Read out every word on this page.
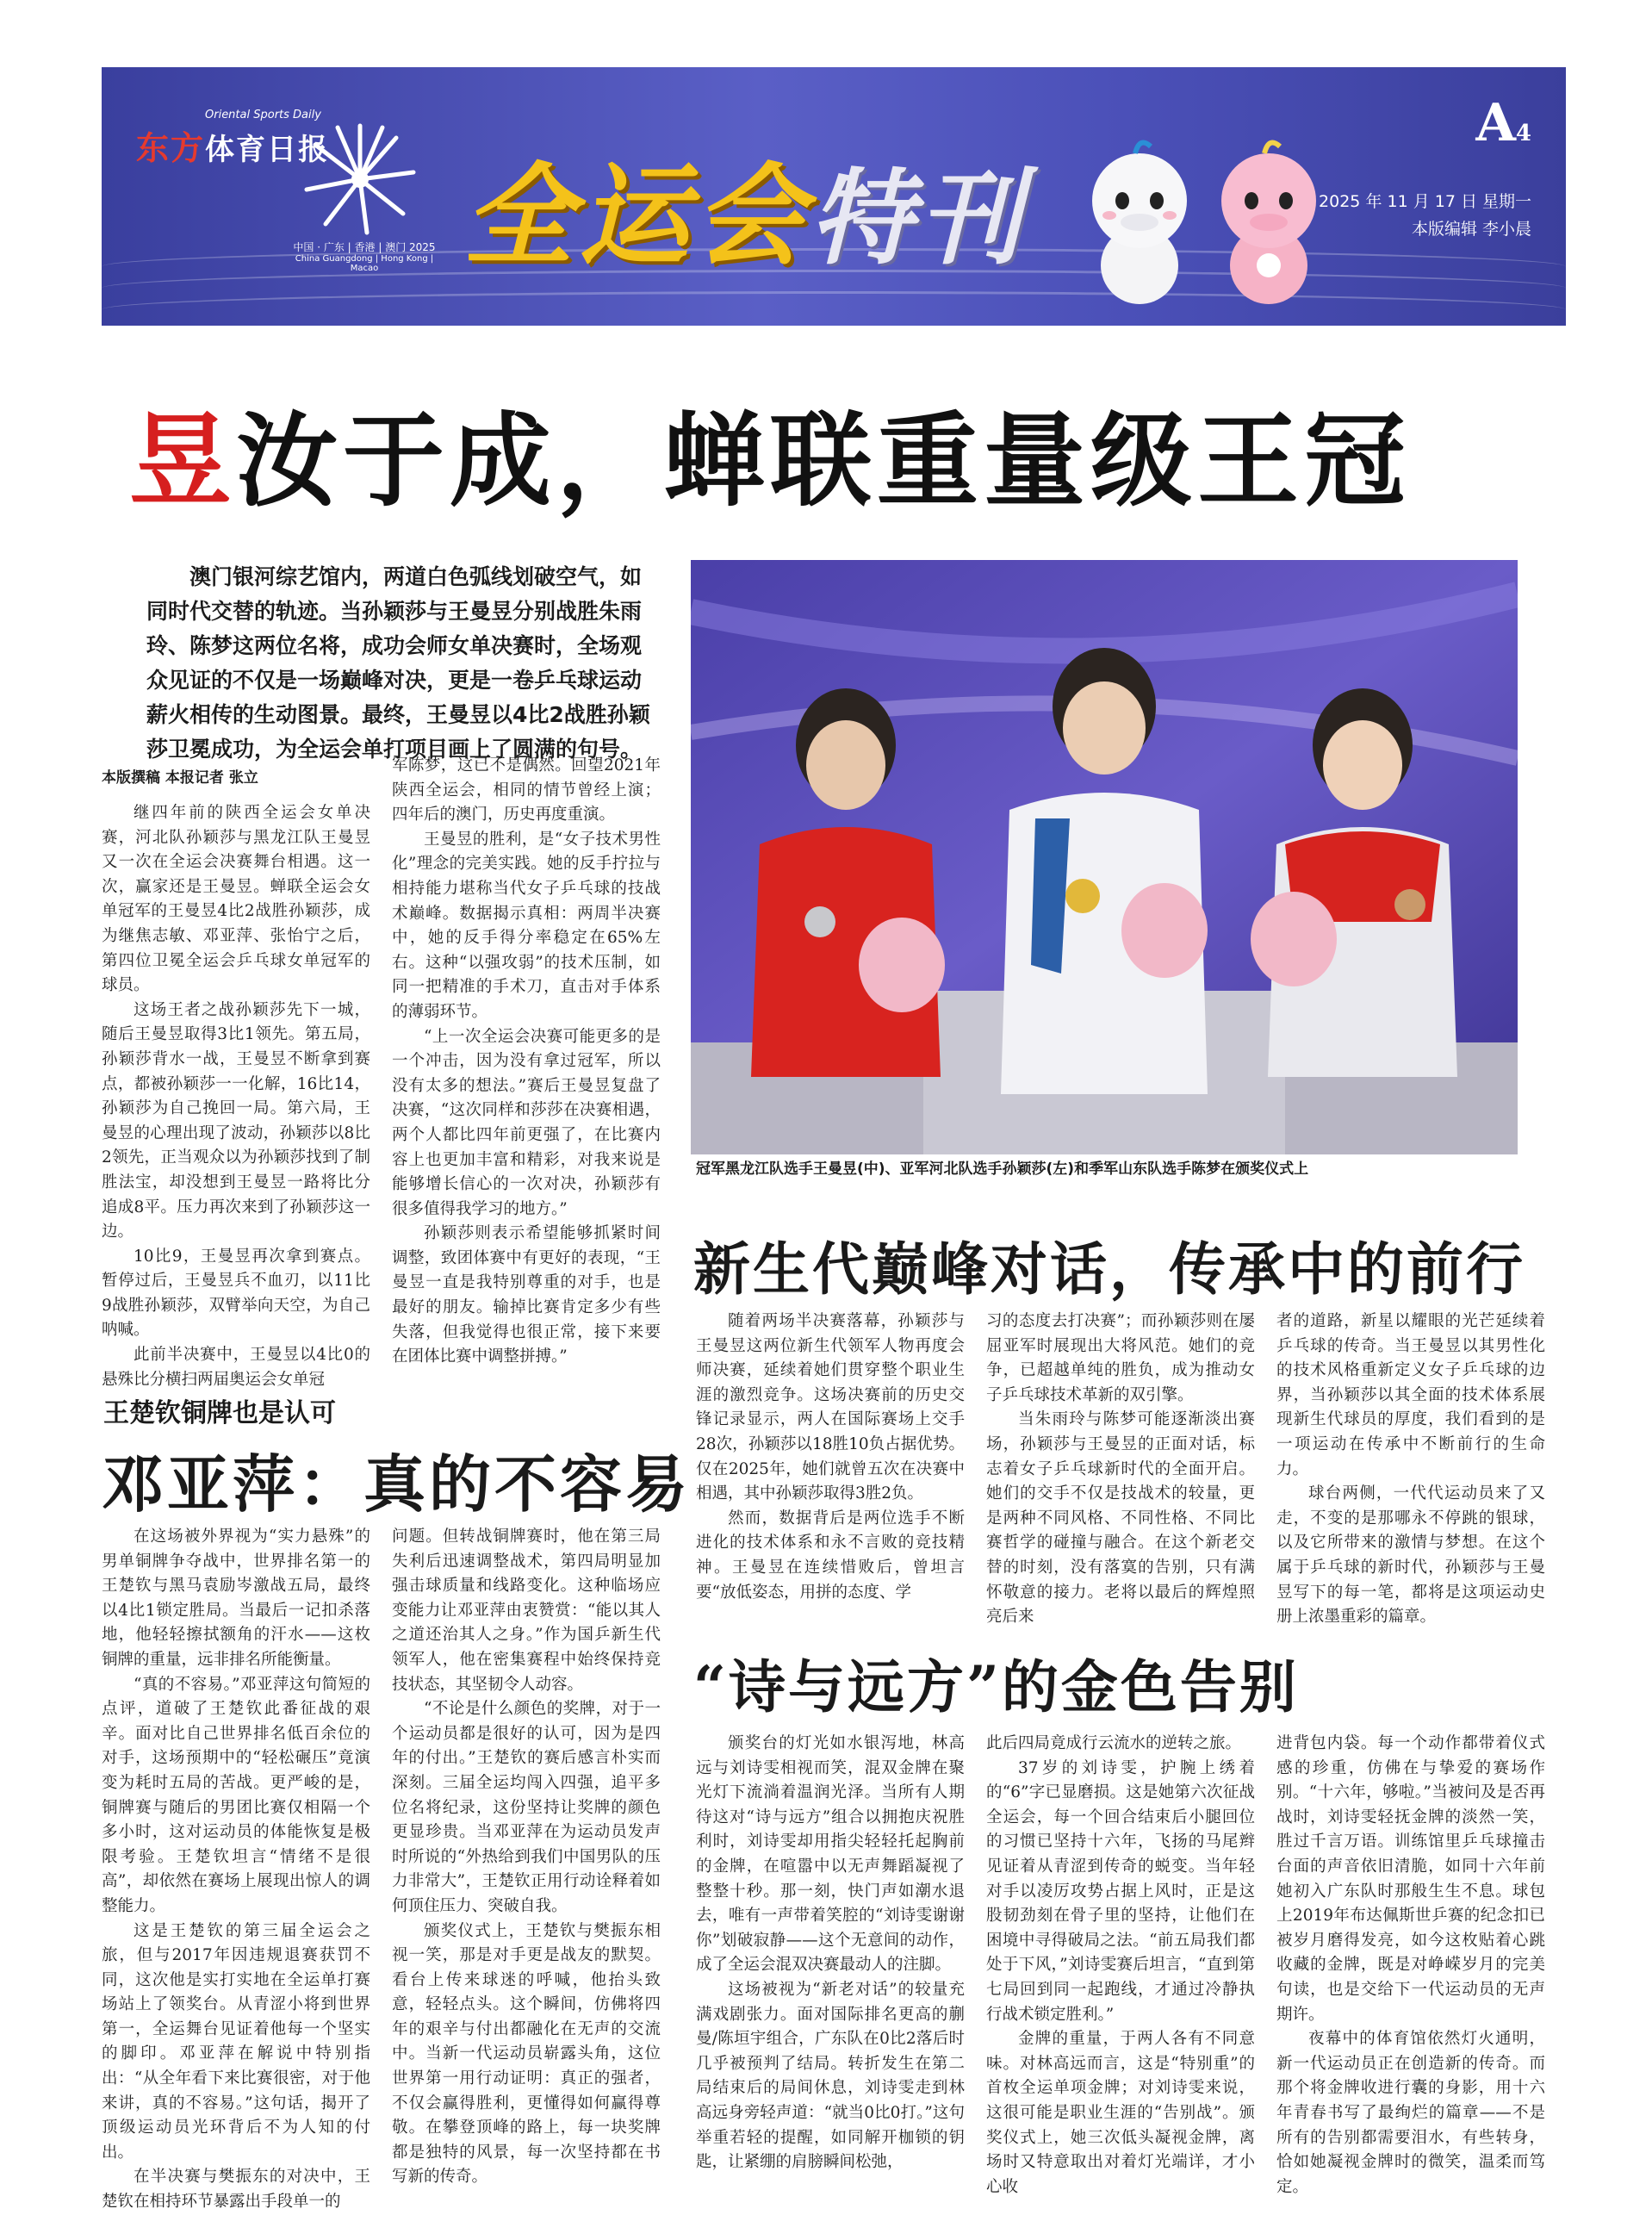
Oriental Sports Daily
东方体育日报
中国 · 广东 | 香港 | 澳门 2025
China Guangdong | Hong Kong | Macao 全运会特刊
A4
2025 年 11 月 17 日 星期一
本版编辑 李小晨
昱汝于成，蝉联重量级王冠
澳门银河综艺馆内，两道白色弧线划破空气，如同时代交替的轨迹。当孙颖莎与王曼昱分别战胜朱雨玲、陈梦这两位名将，成功会师女单决赛时，全场观众见证的不仅是一场巅峰对决，更是一卷乒乓球运动薪火相传的生动图景。最终，王曼昱以4比2战胜孙颖莎卫冕成功，为全运会单打项目画上了圆满的句号。
本版撰稿 本报记者 张立

继四年前的陕西全运会女单决赛，河北队孙颖莎与黑龙江队王曼昱又一次在全运会决赛舞台相遇。这一次，赢家还是王曼昱。蝉联全运会女单冠军的王曼昱4比2战胜孙颖莎，成为继焦志敏、邓亚萍、张怡宁之后，第四位卫冕全运会乒乓球女单冠军的球员。

这场王者之战孙颖莎先下一城，随后王曼昱取得3比1领先。第五局，孙颖莎背水一战，王曼昱不断拿到赛点，都被孙颖莎一一化解，16比14，孙颖莎为自己挽回一局。第六局，王曼昱的心理出现了波动，孙颖莎以8比2领先，正当观众以为孙颖莎找到了制胜法宝，却没想到王曼昱一路将比分追成8平。压力再次来到了孙颖莎这一边。

10比9，王曼昱再次拿到赛点。暂停过后，王曼昱兵不血刃，以11比9战胜孙颖莎，双臂举向天空，为自己呐喊。

此前半决赛中，王曼昱以4比0的悬殊比分横扫两届奥运会女单冠

军陈梦，这已不是偶然。回望2021年陕西全运会，相同的情节曾经上演；四年后的澳门，历史再度重演。

王曼昱的胜利，是“女子技术男性化”理念的完美实践。她的反手拧拉与相持能力堪称当代女子乒乓球的技战术巅峰。数据揭示真相：两周半决赛中，她的反手得分率稳定在65%左右。这种“以强攻弱”的技术压制，如同一把精准的手术刀，直击对手体系的薄弱环节。

“上一次全运会决赛可能更多的是一个冲击，因为没有拿过冠军，所以没有太多的想法。”赛后王曼昱复盘了决赛，“这次同样和莎莎在决赛相遇，两个人都比四年前更强了，在比赛内容上也更加丰富和精彩，对我来说是能够增长信心的一次对决，孙颖莎有很多值得我学习的地方。”

孙颖莎则表示希望能够抓紧时间调整，致团体赛中有更好的表现，“王曼昱一直是我特别尊重的对手，也是最好的朋友。输掉比赛肯定多少有些失落，但我觉得也很正常，接下来要在团体比赛中调整拼搏。”

冠军黑龙江队选手王曼昱(中)、亚军河北队选手孙颖莎(左)和季军山东队选手陈梦在颁奖仪式上
新生代巅峰对话，传承中的前行

随着两场半决赛落幕，孙颖莎与王曼昱这两位新生代领军人物再度会师决赛，延续着她们贯穿整个职业生涯的激烈竞争。这场决赛前的历史交锋记录显示，两人在国际赛场上交手28次，孙颖莎以18胜10负占据优势。仅在2025年，她们就曾五次在决赛中相遇，其中孙颖莎取得3胜2负。

然而，数据背后是两位选手不断进化的技术体系和永不言败的竞技精神。王曼昱在连续惜败后，曾坦言要“放低姿态，用拼的态度、学

习的态度去打决赛”；而孙颖莎则在屡屈亚军时展现出大将风范。她们的竞争，已超越单纯的胜负，成为推动女子乒乓球技术革新的双引擎。

当朱雨玲与陈梦可能逐渐淡出赛场，孙颖莎与王曼昱的正面对话，标志着女子乒乓球新时代的全面开启。她们的交手不仅是技战术的较量，更是两种不同风格、不同性格、不同比赛哲学的碰撞与融合。在这个新老交替的时刻，没有落寞的告别，只有满怀敬意的接力。老将以最后的辉煌照亮后来

者的道路，新星以耀眼的光芒延续着乒乓球的传奇。当王曼昱以其男性化的技术风格重新定义女子乒乓球的边界，当孙颖莎以其全面的技术体系展现新生代球员的厚度，我们看到的是一项运动在传承中不断前行的生命力。

球台两侧，一代代运动员来了又走，不变的是那哪永不停跳的银球，以及它所带来的激情与梦想。在这个属于乒乓球的新时代，孙颖莎与王曼昱写下的每一笔，都将是这项运动史册上浓墨重彩的篇章。

王楚钦铜牌也是认可
邓亚萍：真的不容易

在这场被外界视为“实力悬殊”的男单铜牌争夺战中，世界排名第一的王楚钦与黑马袁励岑激战五局，最终以4比1锁定胜局。当最后一记扣杀落地，他轻轻擦拭额角的汗水——这枚铜牌的重量，远非排名所能衡量。

“真的不容易。”邓亚萍这句简短的点评，道破了王楚钦此番征战的艰辛。面对比自己世界排名低百余位的对手，这场预期中的“轻松碾压”竟演变为耗时五局的苦战。更严峻的是，铜牌赛与随后的男团比赛仅相隔一个多小时，这对运动员的体能恢复是极限考验。王楚钦坦言“情绪不是很高”，却依然在赛场上展现出惊人的调整能力。

这是王楚钦的第三届全运会之旅，但与2017年因违规退赛获罚不同，这次他是实打实地在全运单打赛场站上了领奖台。从青涩小将到世界第一，全运舞台见证着他每一个坚实的脚印。邓亚萍在解说中特别指出：“从全年看下来比赛很密，对于他来讲，真的不容易。”这句话，揭开了顶级运动员光环背后不为人知的付出。

在半决赛与樊振东的对决中，王楚钦在相持环节暴露出手段单一的

问题。但转战铜牌赛时，他在第三局失利后迅速调整战术，第四局明显加强击球质量和线路变化。这种临场应变能力让邓亚萍由衷赞赏：“能以其人之道还治其人之身。”作为国乒新生代领军人，他在密集赛程中始终保持竞技状态，其坚韧令人动容。

“不论是什么颜色的奖牌，对于一个运动员都是很好的认可，因为是四年的付出。”王楚钦的赛后感言朴实而深刻。三届全运均闯入四强，追平多位名将纪录，这份坚持让奖牌的颜色更显珍贵。当邓亚萍在为运动员发声时所说的“外热给到我们中国男队的压力非常大”，王楚钦正用行动诠释着如何顶住压力、突破自我。

颁奖仪式上，王楚钦与樊振东相视一笑，那是对手更是战友的默契。看台上传来球迷的呼喊，他抬头致意，轻轻点头。这个瞬间，仿佛将四年的艰辛与付出都融化在无声的交流中。当新一代运动员崭露头角，这位世界第一用行动证明：真正的强者，不仅会赢得胜利，更懂得如何赢得尊敬。在攀登顶峰的路上，每一块奖牌都是独特的风景，每一次坚持都在书写新的传奇。

“诗与远方”的金色告别

颁奖台的灯光如水银泻地，林高远与刘诗雯相视而笑，混双金牌在聚光灯下流淌着温润光泽。当所有人期待这对“诗与远方”组合以拥抱庆祝胜利时，刘诗雯却用指尖轻轻托起胸前的金牌，在喧嚣中以无声舞蹈凝视了整整十秒。那一刻，快门声如潮水退去，唯有一声带着笑腔的“刘诗雯谢谢你”划破寂静——这个无意间的动作，成了全运会混双决赛最动人的注脚。

这场被视为“新老对话”的较量充满戏剧张力。面对国际排名更高的蒯曼/陈垣宇组合，广东队在0比2落后时几乎被预判了结局。转折发生在第二局结束后的局间休息，刘诗雯走到林高远身旁轻声道：“就当0比0打。”这句举重若轻的提醒，如同解开枷锁的钥匙，让紧绷的肩膀瞬间松弛，

此后四局竟成行云流水的逆转之旅。

37岁的刘诗雯，护腕上绣着的“6”字已显磨损。这是她第六次征战全运会，每一个回合结束后小腿回位的习惯已坚持十六年，飞扬的马尾辫见证着从青涩到传奇的蜕变。当年轻对手以凌厉攻势占据上风时，正是这股韧劲刻在骨子里的坚持，让他们在困境中寻得破局之法。“前五局我们都处于下风，”刘诗雯赛后坦言，“直到第七局回到同一起跑线，才通过冷静执行战术锁定胜利。”

金牌的重量，于两人各有不同意味。对林高远而言，这是“特别重”的首枚全运单项金牌；对刘诗雯来说，这很可能是职业生涯的“告别战”。颁奖仪式上，她三次低头凝视金牌，离场时又特意取出对着灯光端详，才小心收

进背包内袋。每一个动作都带着仪式感的珍重，仿佛在与挚爱的赛场作别。“十六年，够啦。”当被问及是否再战时，刘诗雯轻抚金牌的淡然一笑，胜过千言万语。训练馆里乒乓球撞击台面的声音依旧清脆，如同十六年前她初入广东队时那般生生不息。球包上2019年布达佩斯世乒赛的纪念扣已被岁月磨得发亮，如今这枚贴着心跳收藏的金牌，既是对峥嵘岁月的完美句读，也是交给下一代运动员的无声期许。

夜幕中的体育馆依然灯火通明，新一代运动员正在创造新的传奇。而那个将金牌收进行囊的身影，用十六年青春书写了最绚烂的篇章——不是所有的告别都需要泪水，有些转身，恰如她凝视金牌时的微笑，温柔而笃定。
